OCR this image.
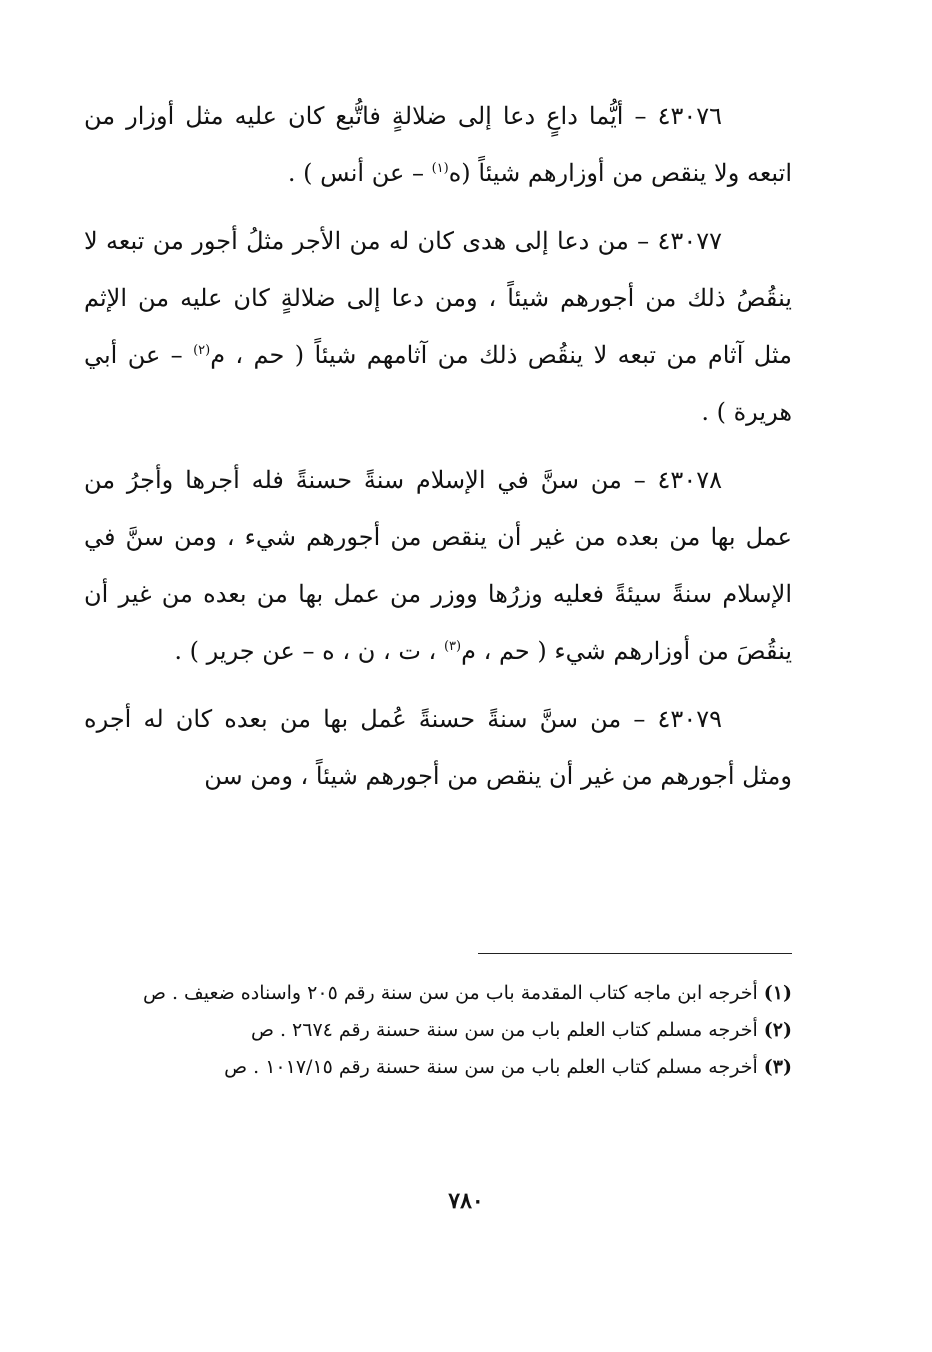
٤٣٠٧٦ – أيُّما داعٍ دعا إلى ضلالةٍ فاتُّبع كان عليه مثل أوزار من اتبعه ولا ينقص من أوزارهم شيئاً (ه$^{(١)}$ – عن أنس ) .

٤٣٠٧٧ – من دعا إلى هدى كان له من الأجر مثلُ أجور من تبعه لا ينقُصُ ذلك من أجورهم شيئاً ، ومن دعا إلى ضلالةٍ كان عليه من الإثم مثل آثام من تبعه لا ينقُص ذلك من آثامهم شيئاً ( حم ، م$^{(٢)}$ – عن أبي هريرة ) .

٤٣٠٧٨ – من سنَّ في الإسلام سنةً حسنةً فله أجرها وأجرُ من عمل بها من بعده من غير أن ينقص من أجورهم شيء ، ومن سنَّ في الإسلام سنةً سيئةً فعليه وزرُها ووزر من عمل بها من بعده من غير أن ينقُصَ من أوزارهم شيء ( حم ، م$^{(٣)}$ ، ت ، ن ، ه – عن جرير ) .

٤٣٠٧٩ – من سنَّ سنةً حسنةً عُمل بها من بعده كان له أجره ومثل أجورهم من غير أن ينقص من أجورهم شيئاً ، ومن سن

(١) أخرجه ابن ماجه كتاب المقدمة باب من سن سنة رقم ٢٠٥ واسناده ضعيف . ص

(٢) أخرجه مسلم كتاب العلم باب من سن سنة حسنة رقم ٢٦٧٤ . ص

(٣) أخرجه مسلم كتاب العلم باب من سن سنة حسنة رقم ١٠١٧/١٥ . ص

٧٨٠
